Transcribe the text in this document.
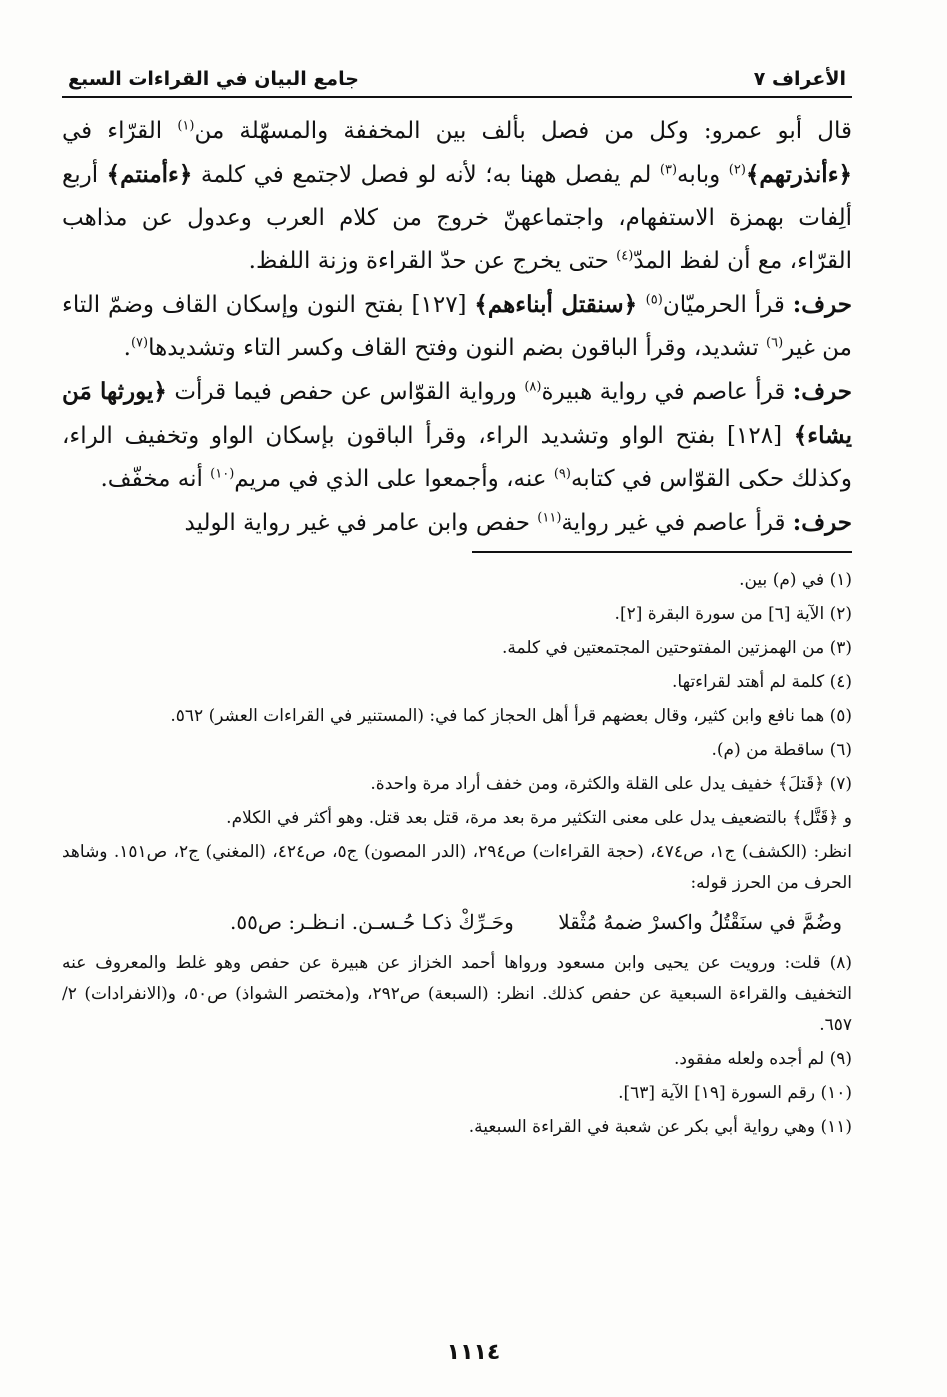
الأعراف ٧
جامع البيان في القراءات السبع

قال أبو عمرو: وكل من فصل بألف بين المخففة والمسهّلة من$^{(١)}$ القرّاء في ﴿ءأنذرتهم﴾$^{(٢)}$ وبابه$^{(٣)}$ لم يفصل ههنا به؛ لأنه لو فصل لاجتمع في كلمة ﴿ءأمنتم﴾ أربع ألِفات بهمزة الاستفهام، واجتماعهنّ خروج من كلام العرب وعدول عن مذاهب القرّاء، مع أن لفظ المدّ$^{(٤)}$ حتى يخرج عن حدّ القراءة وزنة اللفظ.

حرف: قرأ الحرميّان$^{(٥)}$ ﴿سنقتل أبناءهم﴾ [١٢٧] بفتح النون وإسكان القاف وضمّ التاء من غير$^{(٦)}$ تشديد، وقرأ الباقون بضم النون وفتح القاف وكسر التاء وتشديدها$^{(٧)}$.

حرف: قرأ عاصم في رواية هبيرة$^{(٨)}$ ورواية القوّاس عن حفص فيما قرأت ﴿يورثها مَن يشاء﴾ [١٢٨] بفتح الواو وتشديد الراء، وقرأ الباقون بإسكان الواو وتخفيف الراء، وكذلك حكى القوّاس في كتابه$^{(٩)}$ عنه، وأجمعوا على الذي في مريم$^{(١٠)}$ أنه مخفّف.

حرف: قرأ عاصم في غير رواية$^{(١١)}$ حفص وابن عامر في غير رواية الوليد

(١) في (م) بين.

(٢) الآية [٦] من سورة البقرة [٢].

(٣) من الهمزتين المفتوحتين المجتمعتين في كلمة.

(٤) كلمة لم أهتد لقراءتها.

(٥) هما نافع وابن كثير، وقال بعضهم قرأ أهل الحجاز كما في: (المستنير في القراءات العشر) ٥٦٢.

(٦) ساقطة من (م).

(٧) ﴿قَتلَ﴾ خفيف يدل على القلة والكثرة، ومن خفف أراد مرة واحدة.

و ﴿قَتَّل﴾ بالتضعيف يدل على معنى التكثير مرة بعد مرة، قتل بعد قتل. وهو أكثر في الكلام.

انظر: (الكشف) ج١، ص٤٧٤، (حجة القراءات) ص٢٩٤، (الدر المصون) ج٥، ص٤٢٤، (المغني) ج٢، ص١٥١. وشاهد الحرف من الحرز قوله:

وضُمَّ في سنَقْتُلُ واكسرْ ضمهُ مُثْقلا       وحَـرِّكْ ذكـا حُـسـن. انـظـر: ص٥٥.

(٨) قلت: ورويت عن يحيى وابن مسعود ورواها أحمد الخزاز عن هبيرة عن حفص وهو غلط والمعروف عنه التخفيف والقراءة السبعية عن حفص كذلك. انظر: (السبعة) ص٢٩٢، و(مختصر الشواذ) ص٥٠، و(الانفرادات) ٢/ ٦٥٧.

(٩) لم أجده ولعله مفقود.

(١٠) رقم السورة [١٩] الآية [٦٣].

(١١) وهي رواية أبي بكر عن شعبة في القراءة السبعية.

١١١٤
